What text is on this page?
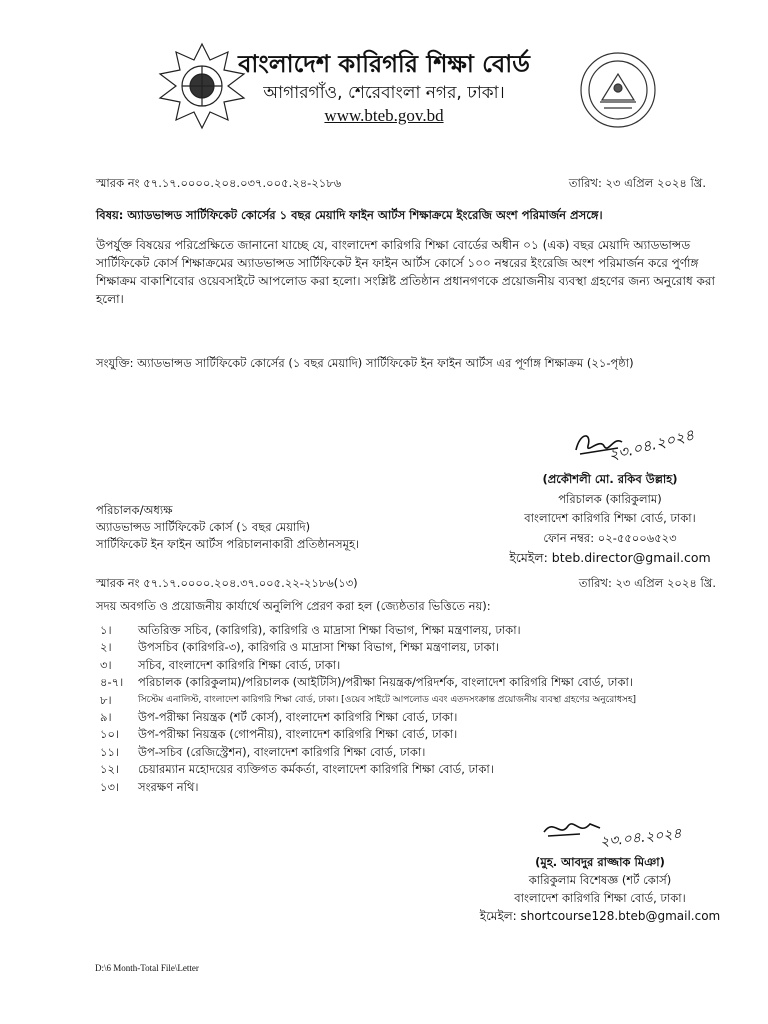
বাংলাদেশ কারিগরি শিক্ষা বোর্ড
আগারগাঁও, শেরেবাংলা নগর, ঢাকা।
www.bteb.gov.bd
স্মারক নং ৫৭.১৭.০০০০.২০৪.০৩৭.০০৫.২৪-২১৮৬	তারিখ: ২৩ এপ্রিল ২০২৪ খ্রি.
বিষয়: অ্যাডভান্সড সার্টিফিকেট কোর্সের ১ বছর মেয়াদি ফাইন আর্টস শিক্ষাক্রমে ইংরেজি অংশ পরিমার্জন প্রসঙ্গে।
উপর্যুক্ত বিষয়ের পরিপ্রেক্ষিতে জানানো যাচ্ছে যে, বাংলাদেশ কারিগরি শিক্ষা বোর্ডের অধীন ০১ (এক) বছর মেয়াদি অ্যাডভান্সড
সার্টিফিকেট কোর্স শিক্ষাক্রমের অ্যাডভান্সড সার্টিফিকেট ইন ফাইন আর্টস কোর্সে ১০০ নম্বরের ইংরেজি অংশ পরিমার্জন করে পুর্ণাঙ্গ
শিক্ষাক্রম বাকাশিবোর ওয়েবসাইটে আপলোড করা হলো। সংশ্লিষ্ট প্রতিষ্ঠান প্রধানগণকে প্রয়োজনীয় ব্যবস্থা গ্রহণের জন্য অনুরোধ করা
হলো।
সংযুক্তি: অ্যাডভান্সড সার্টিফিকেট কোর্সের (১ বছর মেয়াদি) সার্টিফিকেট ইন ফাইন আর্টস এর পূর্ণাঙ্গ শিক্ষাক্রম (২১-পৃষ্ঠা)
২৩.০৪.২০২৪
(প্রকৌশলী মো. রকিব উল্লাহ)
পরিচালক (কারিকুলাম)
বাংলাদেশ কারিগরি শিক্ষা বোর্ড, ঢাকা।
ফোন নম্বর: ০২-৫৫০০৬৫২৩
ইমেইল: bteb.director@gmail.com
পরিচালক/অধ্যক্ষ
অ্যাডভান্সড সার্টিফিকেট কোর্স (১ বছর মেয়াদি)
সার্টিফিকেট ইন ফাইন আর্টস পরিচালনাকারী প্রতিষ্ঠানসমূহ।
স্মারক নং ৫৭.১৭.০০০০.২০৪.৩৭.০০৫.২২-২১৮৬(১৩)	তারিখ: ২৩ এপ্রিল ২০২৪ খ্রি.
সদয় অবগতি ও প্রয়োজনীয় কার্যার্থে অনুলিপি প্রেরণ করা হল (জ্যেষ্ঠতার ভিত্তিতে নয়):
১।	অতিরিক্ত সচিব, (কারিগরি), কারিগরি ও মাদ্রাসা শিক্ষা বিভাগ, শিক্ষা মন্ত্রণালয়, ঢাকা।
২।	উপসচিব (কারিগরি-৩), কারিগরি ও মাদ্রাসা শিক্ষা বিভাগ, শিক্ষা মন্ত্রণালয়, ঢাকা।
৩।	সচিব, বাংলাদেশ কারিগরি শিক্ষা বোর্ড, ঢাকা।
৪-৭।	পরিচালক (কারিকুলাম)/পরিচালক (আইটিসি)/পরীক্ষা নিয়ন্ত্রক/পরিদর্শক, বাংলাদেশ কারিগরি শিক্ষা বোর্ড, ঢাকা।
৮।	সিস্টেম এনালিস্ট, বাংলাদেশ কারিগরি শিক্ষা বোর্ড, ঢাকা। [ওয়েব সাইটে আপলোড এবং এতদসংক্রান্ত প্রয়োজনীয় ব্যবস্থা গ্রহণের অনুরোধসহ]
৯।	উপ-পরীক্ষা নিয়ন্ত্রক (শর্ট কোর্স), বাংলাদেশ কারিগরি শিক্ষা বোর্ড, ঢাকা।
১০।	উপ-পরীক্ষা নিয়ন্ত্রক (গোপনীয়), বাংলাদেশ কারিগরি শিক্ষা বোর্ড, ঢাকা।
১১।	উপ-সচিব (রেজিস্ট্রেশন), বাংলাদেশ কারিগরি শিক্ষা বোর্ড, ঢাকা।
১২।	চেয়ারম্যান মহোদয়ের ব্যক্তিগত কর্মকর্তা, বাংলাদেশ কারিগরি শিক্ষা বোর্ড, ঢাকা।
১৩।	সংরক্ষণ নথি।
২৩.০৪.২০২৪
(মুহ. আবদুর রাজ্জাক মিঞা)
কারিকুলাম বিশেষজ্ঞ (শর্ট কোর্স)
বাংলাদেশ কারিগরি শিক্ষা বোর্ড, ঢাকা।
ইমেইল: shortcourse128.bteb@gmail.com
D:\6 Month-Total File\Letter
